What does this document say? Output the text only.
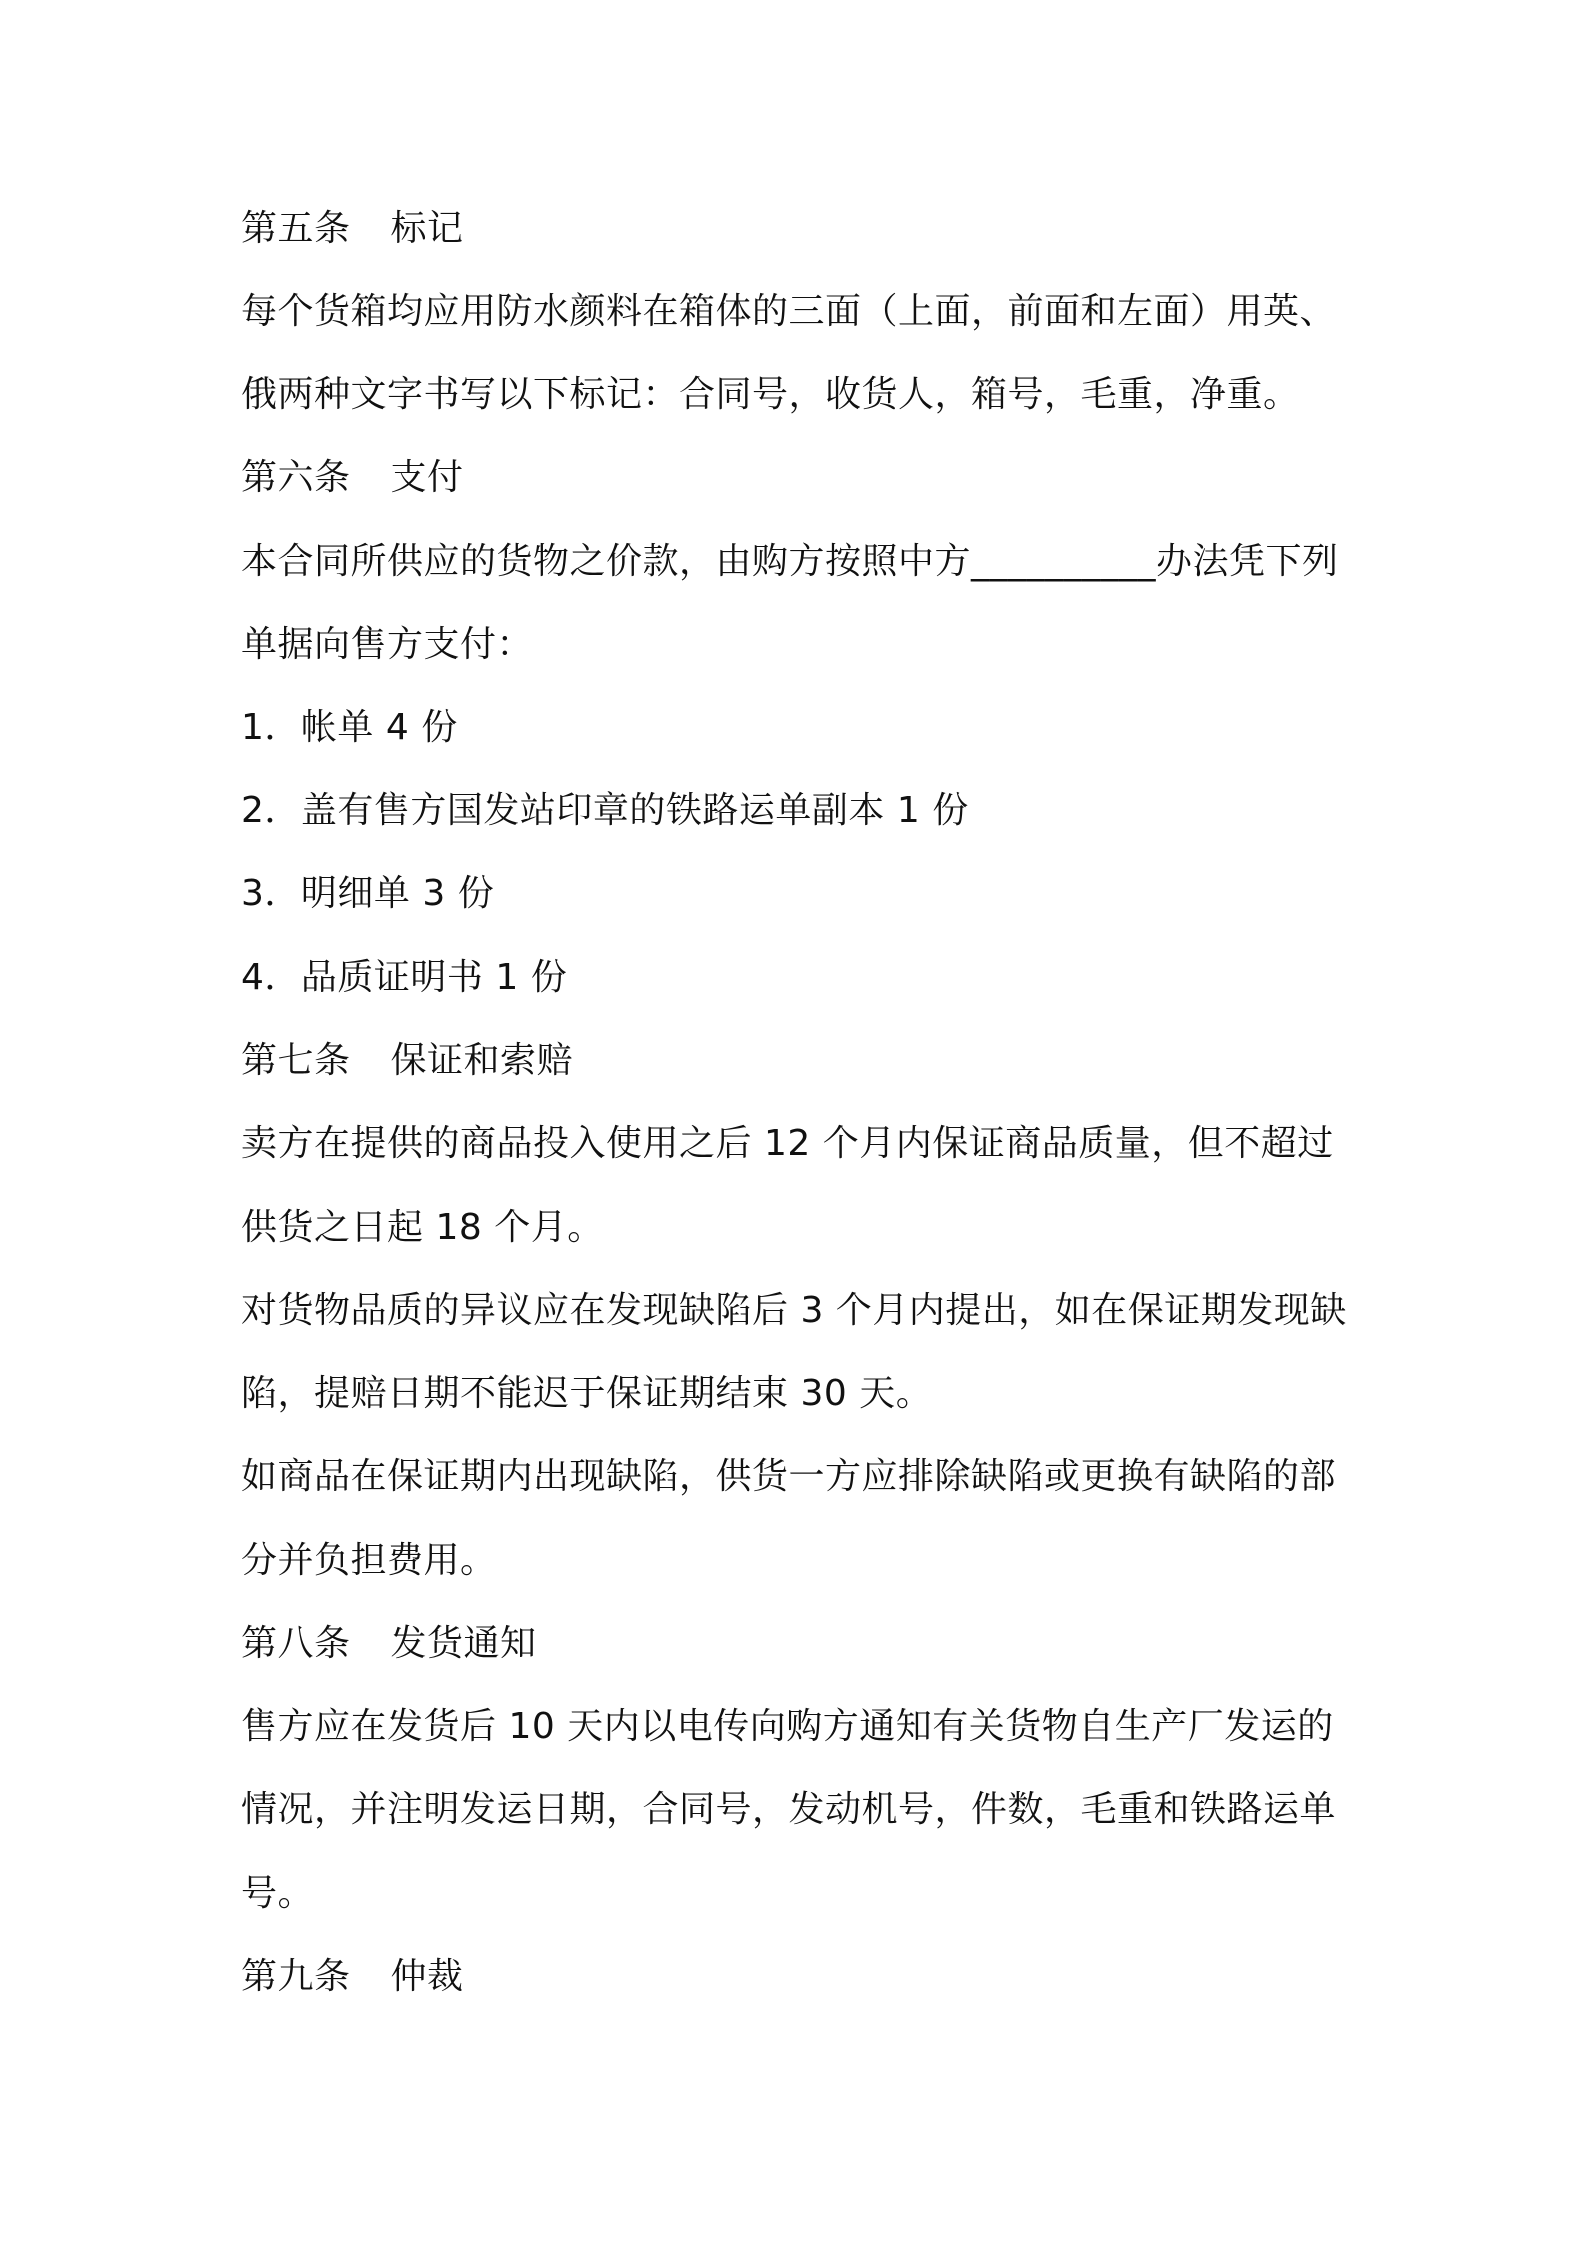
第五条 标记
每个货箱均应用防水颜料在箱体的三面（上面，前面和左面）用英、
俄两种文字书写以下标记：合同号，收货人，箱号，毛重，净重。
第六条 支付
本合同所供应的货物之价款，由购方按照中方__________办法凭下列
单据向售方支付：
1．帐单 4 份
2．盖有售方国发站印章的铁路运单副本 1 份
3．明细单 3 份
4．品质证明书 1 份
第七条 保证和索赔
卖方在提供的商品投入使用之后 12 个月内保证商品质量，但不超过
供货之日起 18 个月。
对货物品质的异议应在发现缺陷后 3 个月内提出，如在保证期发现缺
陷，提赔日期不能迟于保证期结束 30 天。
如商品在保证期内出现缺陷，供货一方应排除缺陷或更换有缺陷的部
分并负担费用。
第八条 发货通知
售方应在发货后 10 天内以电传向购方通知有关货物自生产厂发运的
情况，并注明发运日期，合同号，发动机号，件数，毛重和铁路运单
号。
第九条 仲裁
